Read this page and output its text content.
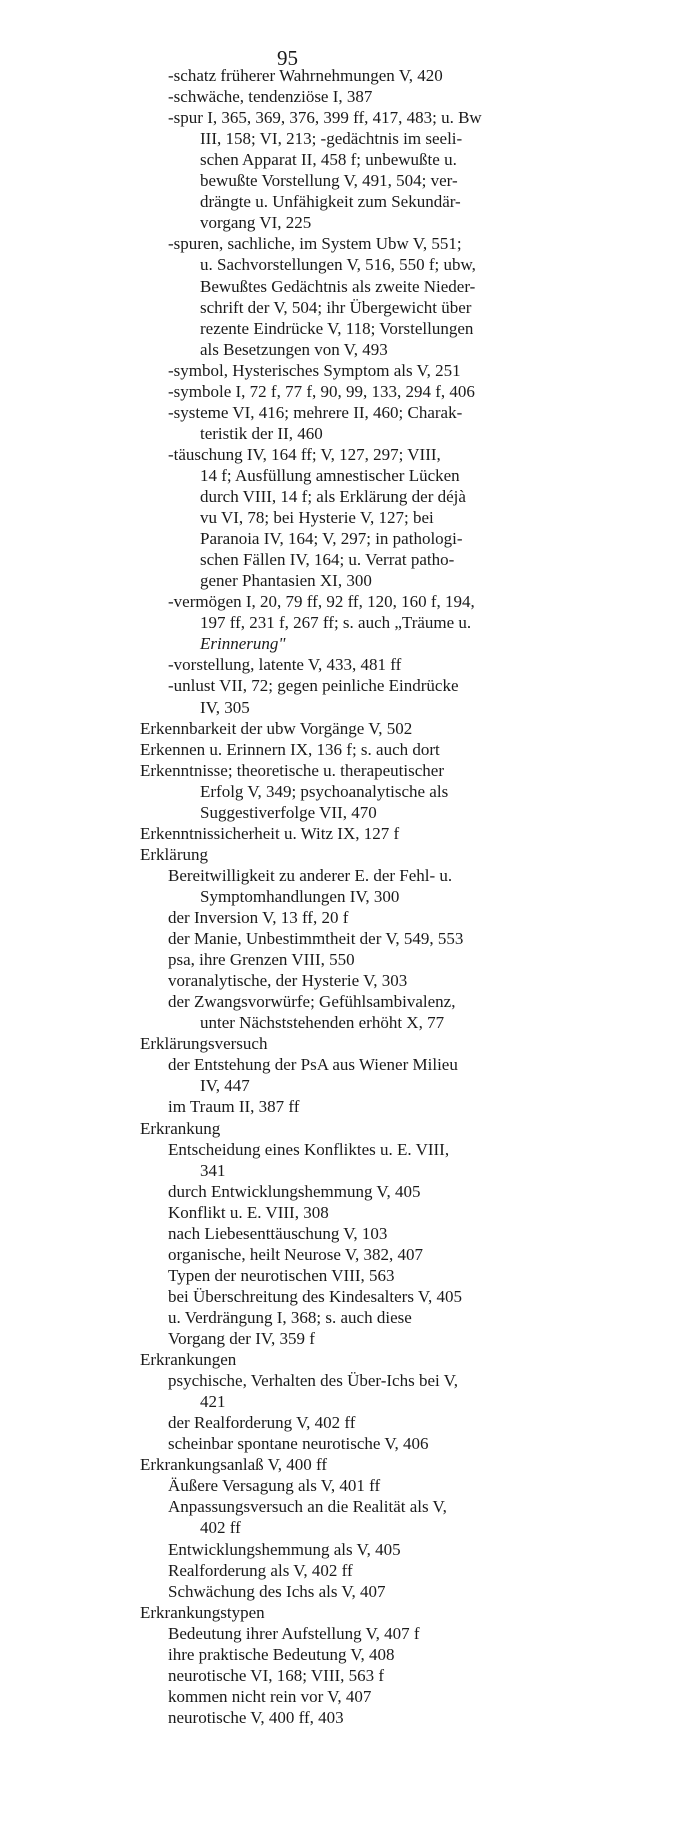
95
-schatz früherer Wahrnehmungen V, 420
-schwäche, tendenziöse I, 387
-spur I, 365, 369, 376, 399 ff, 417, 483; u. Bw
III, 158; VI, 213; -gedächtnis im seeli-
schen Apparat II, 458 f; unbewußte u.
bewußte Vorstellung V, 491, 504; ver-
drängte u. Unfähigkeit zum Sekundär-
vorgang VI, 225
-spuren, sachliche, im System Ubw V, 551;
u. Sachvorstellungen V, 516, 550 f; ubw,
Bewußtes Gedächtnis als zweite Nieder-
schrift der V, 504; ihr Übergewicht über
rezente Eindrücke V, 118; Vorstellungen
als Besetzungen von V, 493
-symbol, Hysterisches Symptom als V, 251
-symbole I, 72 f, 77 f, 90, 99, 133, 294 f, 406
-systeme VI, 416; mehrere II, 460; Charak-
teristik der II, 460
-täuschung IV, 164 ff; V, 127, 297; VIII,
14 f; Ausfüllung amnestischer Lücken
durch VIII, 14 f; als Erklärung der déjà
vu VI, 78; bei Hysterie V, 127; bei
Paranoia IV, 164; V, 297; in pathologi-
schen Fällen IV, 164; u. Verrat patho-
gener Phantasien XI, 300
-vermögen I, 20, 79 ff, 92 ff, 120, 160 f, 194,
197 ff, 231 f, 267 ff; s. auch „Träume u.
Erinnerung"
-vorstellung, latente V, 433, 481 ff
-unlust VII, 72; gegen peinliche Eindrücke
IV, 305
Erkennbarkeit der ubw Vorgänge V, 502
Erkennen u. Erinnern IX, 136 f; s. auch dort
Erkenntnisse; theoretische u. therapeutischer
Erfolg V, 349; psychoanalytische als
Suggestiverfolge VII, 470
Erkenntnissicherheit u. Witz IX, 127 f
Erklärung
Bereitwilligkeit zu anderer E. der Fehl- u.
Symptomhandlungen IV, 300
der Inversion V, 13 ff, 20 f
der Manie, Unbestimmtheit der V, 549, 553
psa, ihre Grenzen VIII, 550
voranalytische, der Hysterie V, 303
der Zwangsvorwürfe; Gefühlsambivalenz,
unter Nächststehenden erhöht X, 77
Erklärungsversuch
der Entstehung der PsA aus Wiener Milieu
IV, 447
im Traum II, 387 ff
Erkrankung
Entscheidung eines Konfliktes u. E. VIII,
341
durch Entwicklungshemmung V, 405
Konflikt u. E. VIII, 308
nach Liebesenttäuschung V, 103
organische, heilt Neurose V, 382, 407
Typen der neurotischen VIII, 563
bei Überschreitung des Kindesalters V, 405
u. Verdrängung I, 368; s. auch diese
Vorgang der IV, 359 f
Erkrankungen
psychische, Verhalten des Über-Ichs bei V,
421
der Realforderung V, 402 ff
scheinbar spontane neurotische V, 406
Erkrankungsanlaß V, 400 ff
Äußere Versagung als V, 401 ff
Anpassungsversuch an die Realität als V,
402 ff
Entwicklungshemmung als V, 405
Realforderung als V, 402 ff
Schwächung des Ichs als V, 407
Erkrankungstypen
Bedeutung ihrer Aufstellung V, 407 f
ihre praktische Bedeutung V, 408
neurotische VI, 168; VIII, 563 f
kommen nicht rein vor V, 407
neurotische V, 400 ff, 403
